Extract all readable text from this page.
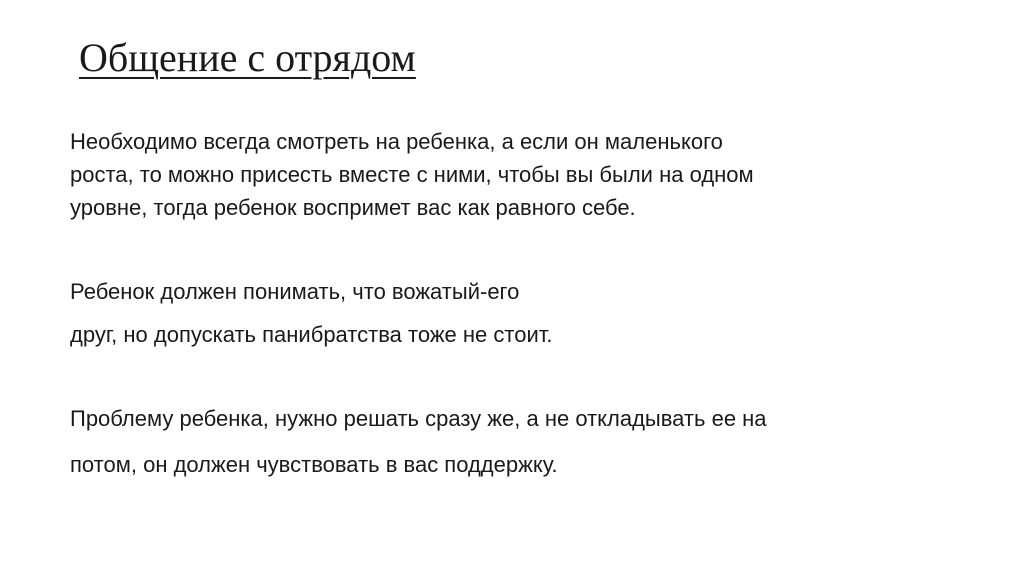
Общение с отрядом

Необходимо всегда смотреть на ребенка, а если он маленького
роста, то можно присесть вместе с ними, чтобы вы были на одном
уровне, тогда ребенок воспримет вас как равного себе.

Ребенок должен понимать, что вожатый-его

друг, но допускать панибратства тоже не стоит.

Проблему ребенка, нужно решать сразу же, а не откладывать ее на

потом, он должен чувствовать в вас поддержку.
